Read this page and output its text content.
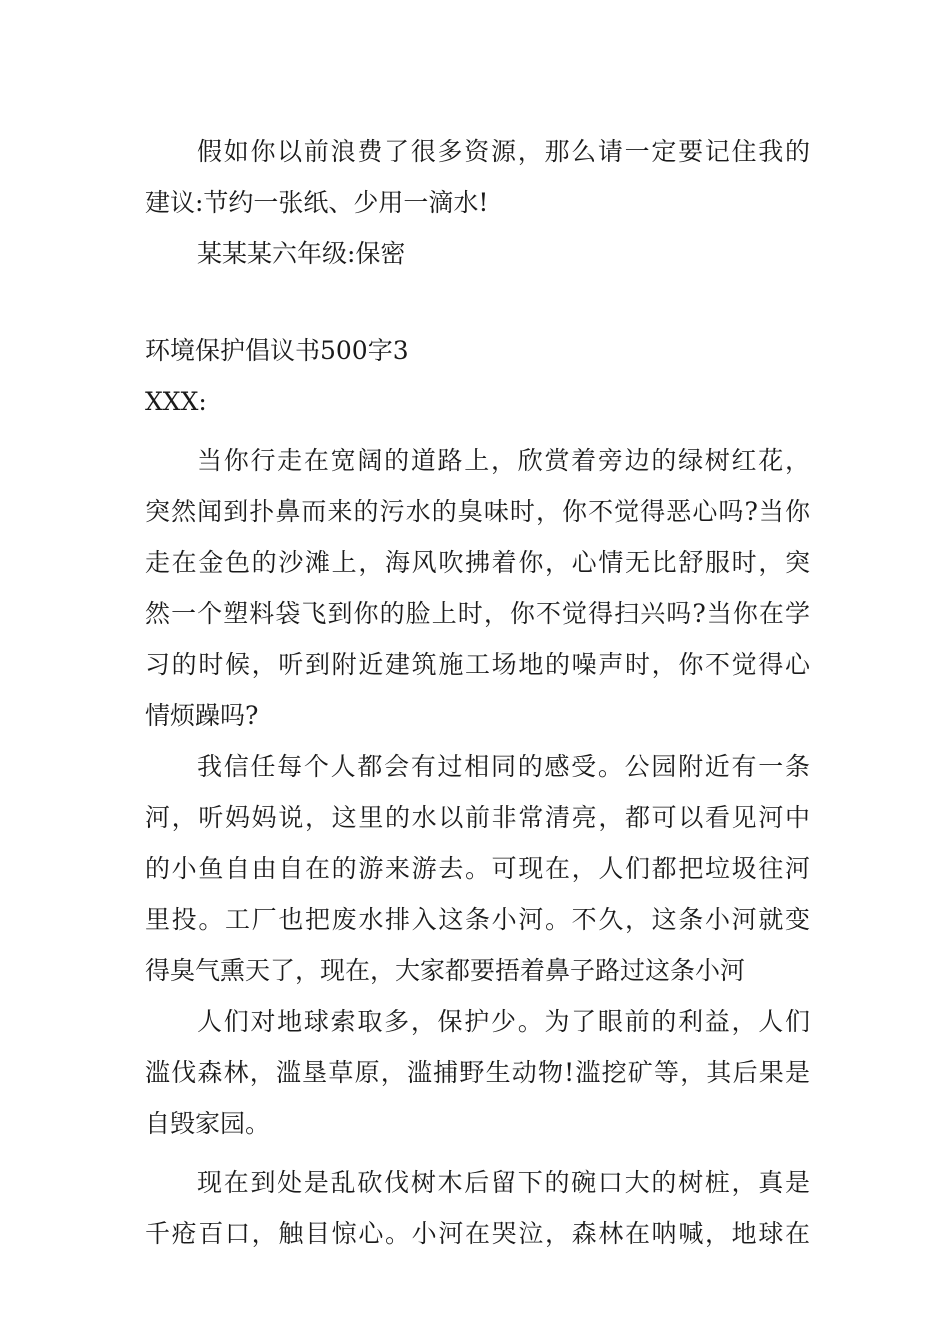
假如你以前浪费了很多资源，那么请一定要记住我的

建议:节约一张纸、少用一滴水!

某某某六年级:保密

环境保护倡议书500字3

XXX:

当你行走在宽阔的道路上，欣赏着旁边的绿树红花，

突然闻到扑鼻而来的污水的臭味时，你不觉得恶心吗?当你

走在金色的沙滩上，海风吹拂着你，心情无比舒服时，突

然一个塑料袋飞到你的脸上时，你不觉得扫兴吗?当你在学

习的时候，听到附近建筑施工场地的噪声时，你不觉得心

情烦躁吗?

我信任每个人都会有过相同的感受。公园附近有一条

河，听妈妈说，这里的水以前非常清亮，都可以看见河中

的小鱼自由自在的游来游去。可现在，人们都把垃圾往河

里投。工厂也把废水排入这条小河。不久，这条小河就变

得臭气熏天了，现在，大家都要捂着鼻子路过这条小河

人们对地球索取多，保护少。为了眼前的利益，人们

滥伐森林，滥垦草原，滥捕野生动物!滥挖矿等，其后果是

自毁家园。

现在到处是乱砍伐树木后留下的碗口大的树桩，真是

千疮百口，触目惊心。小河在哭泣，森林在呐喊，地球在
